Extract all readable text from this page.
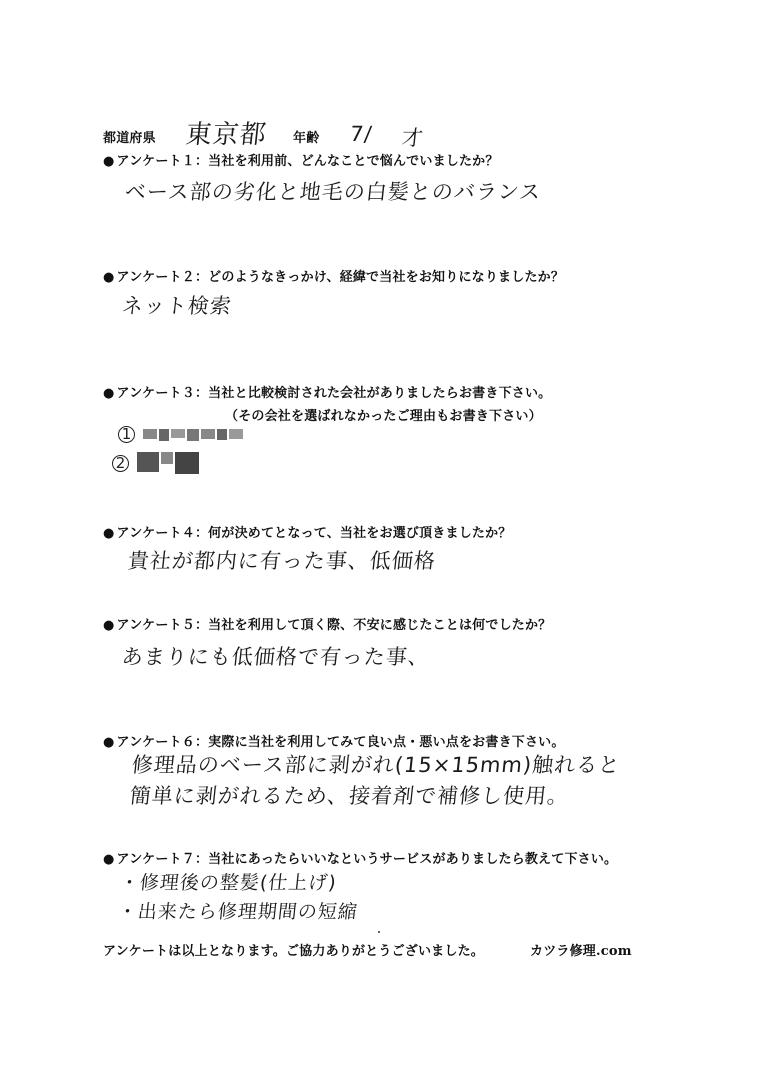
都道府県 東京都 年齢 7/ 才
● アンケート１：当社を利用前、どんなことで悩んでいましたか？
ベース部の劣化と地毛の白髪とのバランス
● アンケート２：どのようなきっかけ、経緯で当社をお知りになりましたか？
ネット検索
● アンケート３：当社と比較検討された会社がありましたらお書き下さい。
（その会社を選ばれなかったご理由もお書き下さい）
1
2
● アンケート４：何が決めてとなって、当社をお選び頂きましたか？
貴社が都内に有った事、低価格
● アンケート５：当社を利用して頂く際、不安に感じたことは何でしたか？
あまりにも低価格で有った事、
● アンケート６：実際に当社を利用してみて良い点・悪い点をお書き下さい。
修理品のベース部に剥がれ(15×15mm)触れると
簡単に剥がれるため、接着剤で補修し使用。
● アンケート７：当社にあったらいいなというサービスがありましたら教えて下さい。
・修理後の整髪(仕上げ)
・出来たら修理期間の短縮
アンケートは以上となります。ご協力ありがとうございました。	カツラ修理.com
